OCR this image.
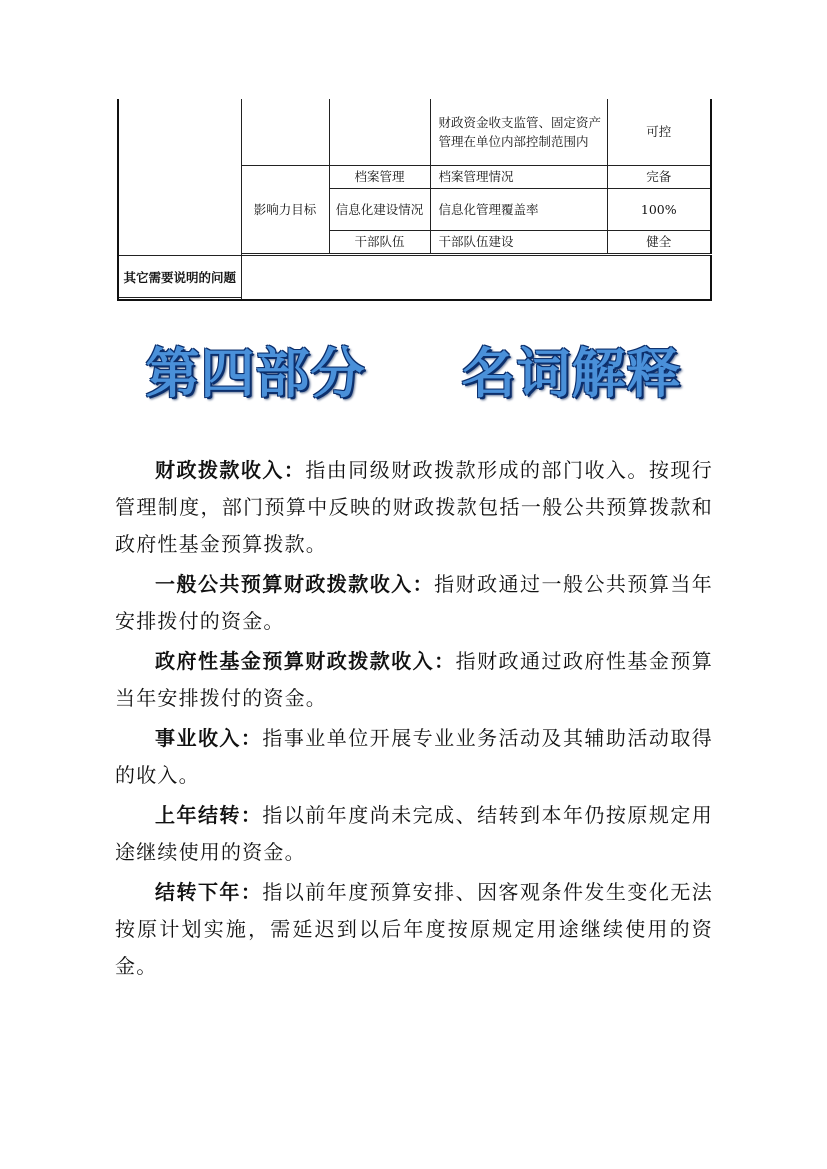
			财政资金收支监管、固定资产管理在单位内部控制范围内	可控
	影响力目标	档案管理	档案管理情况	完备
		信息化建设情况	信息化管理覆盖率	100%
		干部队伍	干部队伍建设	健全

其它需要说明的问题	
第四部分 名词解释

财政拨款收入：指由同级财政拨款形成的部门收入。按现行管理制度，部门预算中反映的财政拨款包括一般公共预算拨款和政府性基金预算拨款。

一般公共预算财政拨款收入：指财政通过一般公共预算当年安排拨付的资金。

政府性基金预算财政拨款收入：指财政通过政府性基金预算当年安排拨付的资金。

事业收入：指事业单位开展专业业务活动及其辅助活动取得的收入。

上年结转：指以前年度尚未完成、结转到本年仍按原规定用途继续使用的资金。

结转下年：指以前年度预算安排、因客观条件发生变化无法按原计划实施，需延迟到以后年度按原规定用途继续使用的资金。
